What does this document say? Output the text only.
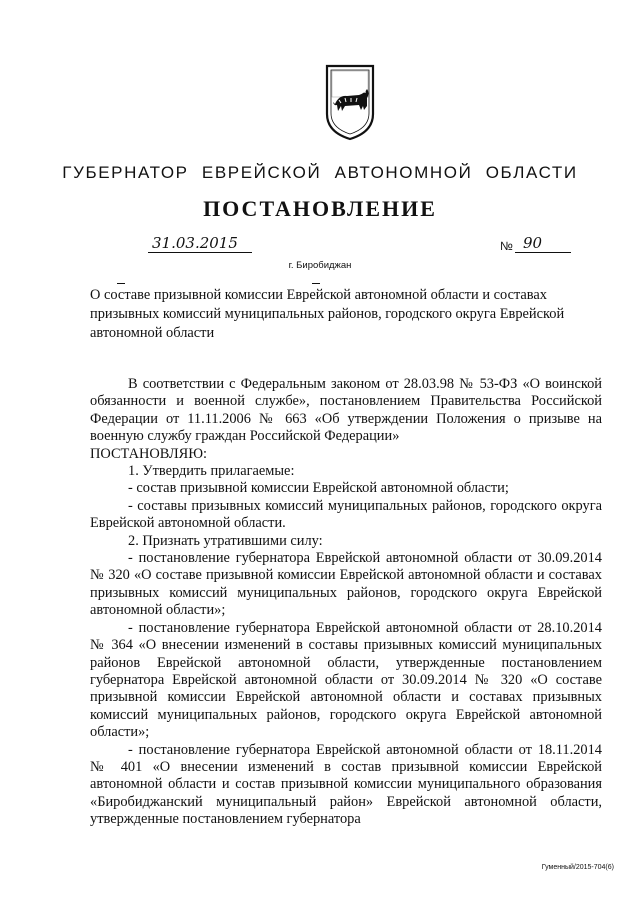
ГУБЕРНАТОР ЕВРЕЙСКОЙ АВТОНОМНОЙ ОБЛАСТИ
ПОСТАНОВЛЕНИЕ
31.03.2015	№ 90
г. Биробиджан
О составе призывной комиссии Еврейской автономной области и составах призывных комиссий муниципальных районов, городского округа Еврейской автономной области

В соответствии с Федеральным законом от 28.03.98 № 53-ФЗ «О воинской обязанности и военной службе», постановлением Правительства Российской Федерации от 11.11.2006 № 663 «Об утверждении Положения о призыве на военную службу граждан Российской Федерации»

ПОСТАНОВЛЯЮ:

1. Утвердить прилагаемые:

- состав призывной комиссии Еврейской автономной области;

- составы призывных комиссий муниципальных районов, городского округа Еврейской автономной области.

2. Признать утратившими силу:

- постановление губернатора Еврейской автономной области от 30.09.2014 № 320 «О составе призывной комиссии Еврейской автономной области и составах призывных комиссий муниципальных районов, городского округа Еврейской автономной области»;

- постановление губернатора Еврейской автономной области от 28.10.2014 № 364 «О внесении изменений в составы призывных комиссий муниципальных районов Еврейской автономной области, утвержденные постановлением губернатора Еврейской автономной области от 30.09.2014 № 320 «О составе призывной комиссии Еврейской автономной области и составах призывных комиссий муниципальных районов, городского округа Еврейской автономной области»;

- постановление губернатора Еврейской автономной области от 18.11.2014 № 401 «О внесении изменений в состав призывной комиссии Еврейской автономной области и состав призывной комиссии муниципального образования «Биробиджанский муниципальный район» Еврейской автономной области, утвержденные постановлением губернатора

Гуменный/2015-704(6)
